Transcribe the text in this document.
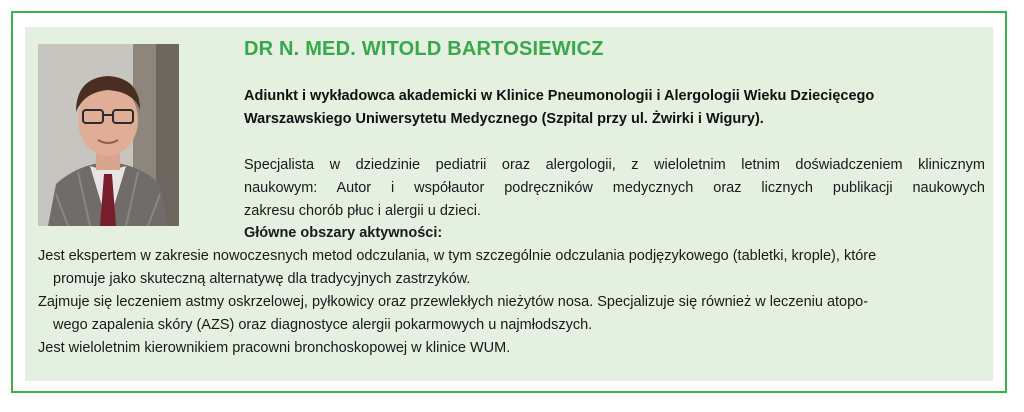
DR N. MED. WITOLD BARTOSIEWICZ
Adiunkt i wykładowca akademicki w Klinice Pneumonologii i Alergologii Wieku Dziecięcego
Warszawskiego Uniwersytetu Medycznego (Szpital przy ul. Żwirki i Wigury).
Specjalista w dziedzinie pediatrii oraz alergologii, z wieloletnim letnim doświadczeniem klinicznym
naukowym: Autor i współautor podręczników medycznych oraz licznych publikacji naukowych
zakresu chorób płuc i alergii u dzieci.
Główne obszary aktywności:
Jest ekspertem w zakresie nowoczesnych metod odczulania, w tym szczególnie odczulania podjęzykowego (tabletki, krople), które
promuje jako skuteczną alternatywę dla tradycyjnych zastrzyków.
Zajmuje się leczeniem astmy oskrzelowej, pyłkowicy oraz przewlekłych nieżytów nosa. Specjalizuje się również w leczeniu atopo-
wego zapalenia skóry (AZS) oraz diagnostyce alergii pokarmowych u najmłodszych.
Jest wieloletnim kierownikiem pracowni bronchoskopowej w klinice WUM.
